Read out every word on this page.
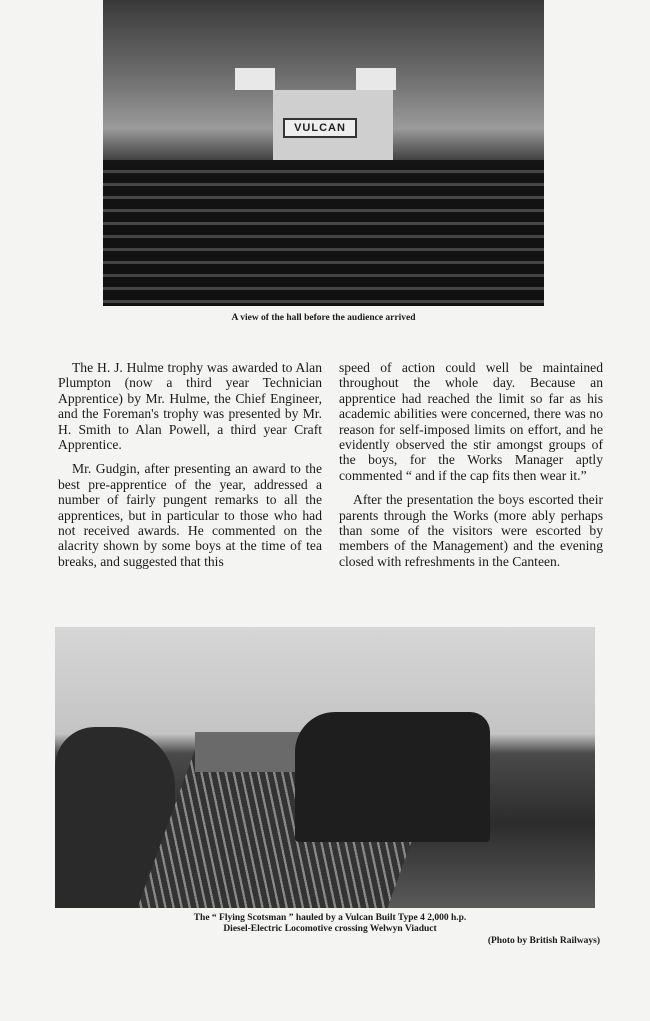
VULCAN
A view of the hall before the audience arrived

The H. J. Hulme trophy was awarded to Alan Plumpton (now a third year Technician Apprentice) by Mr. Hulme, the Chief Engineer, and the Foreman's trophy was presented by Mr. H. Smith to Alan Powell, a third year Craft Apprentice.

Mr. Gudgin, after presenting an award to the best pre-apprentice of the year, addressed a number of fairly pungent remarks to all the apprentices, but in particular to those who had not received awards. He commented on the alacrity shown by some boys at the time of tea breaks, and suggested that this

speed of action could well be maintained throughout the whole day. Because an apprentice had reached the limit so far as his academic abilities were concerned, there was no reason for self-imposed limits on effort, and he evidently observed the stir amongst groups of the boys, for the Works Manager aptly commented “ and if the cap fits then wear it.”

After the presentation the boys escorted their parents through the Works (more ably perhaps than some of the visitors were escorted by members of the Management) and the evening closed with refreshments in the Canteen.

The “ Flying Scotsman ” hauled by a Vulcan Built Type 4 2,000 h.p.
Diesel-Electric Locomotive crossing Welwyn Viaduct
(Photo by British Railways)
